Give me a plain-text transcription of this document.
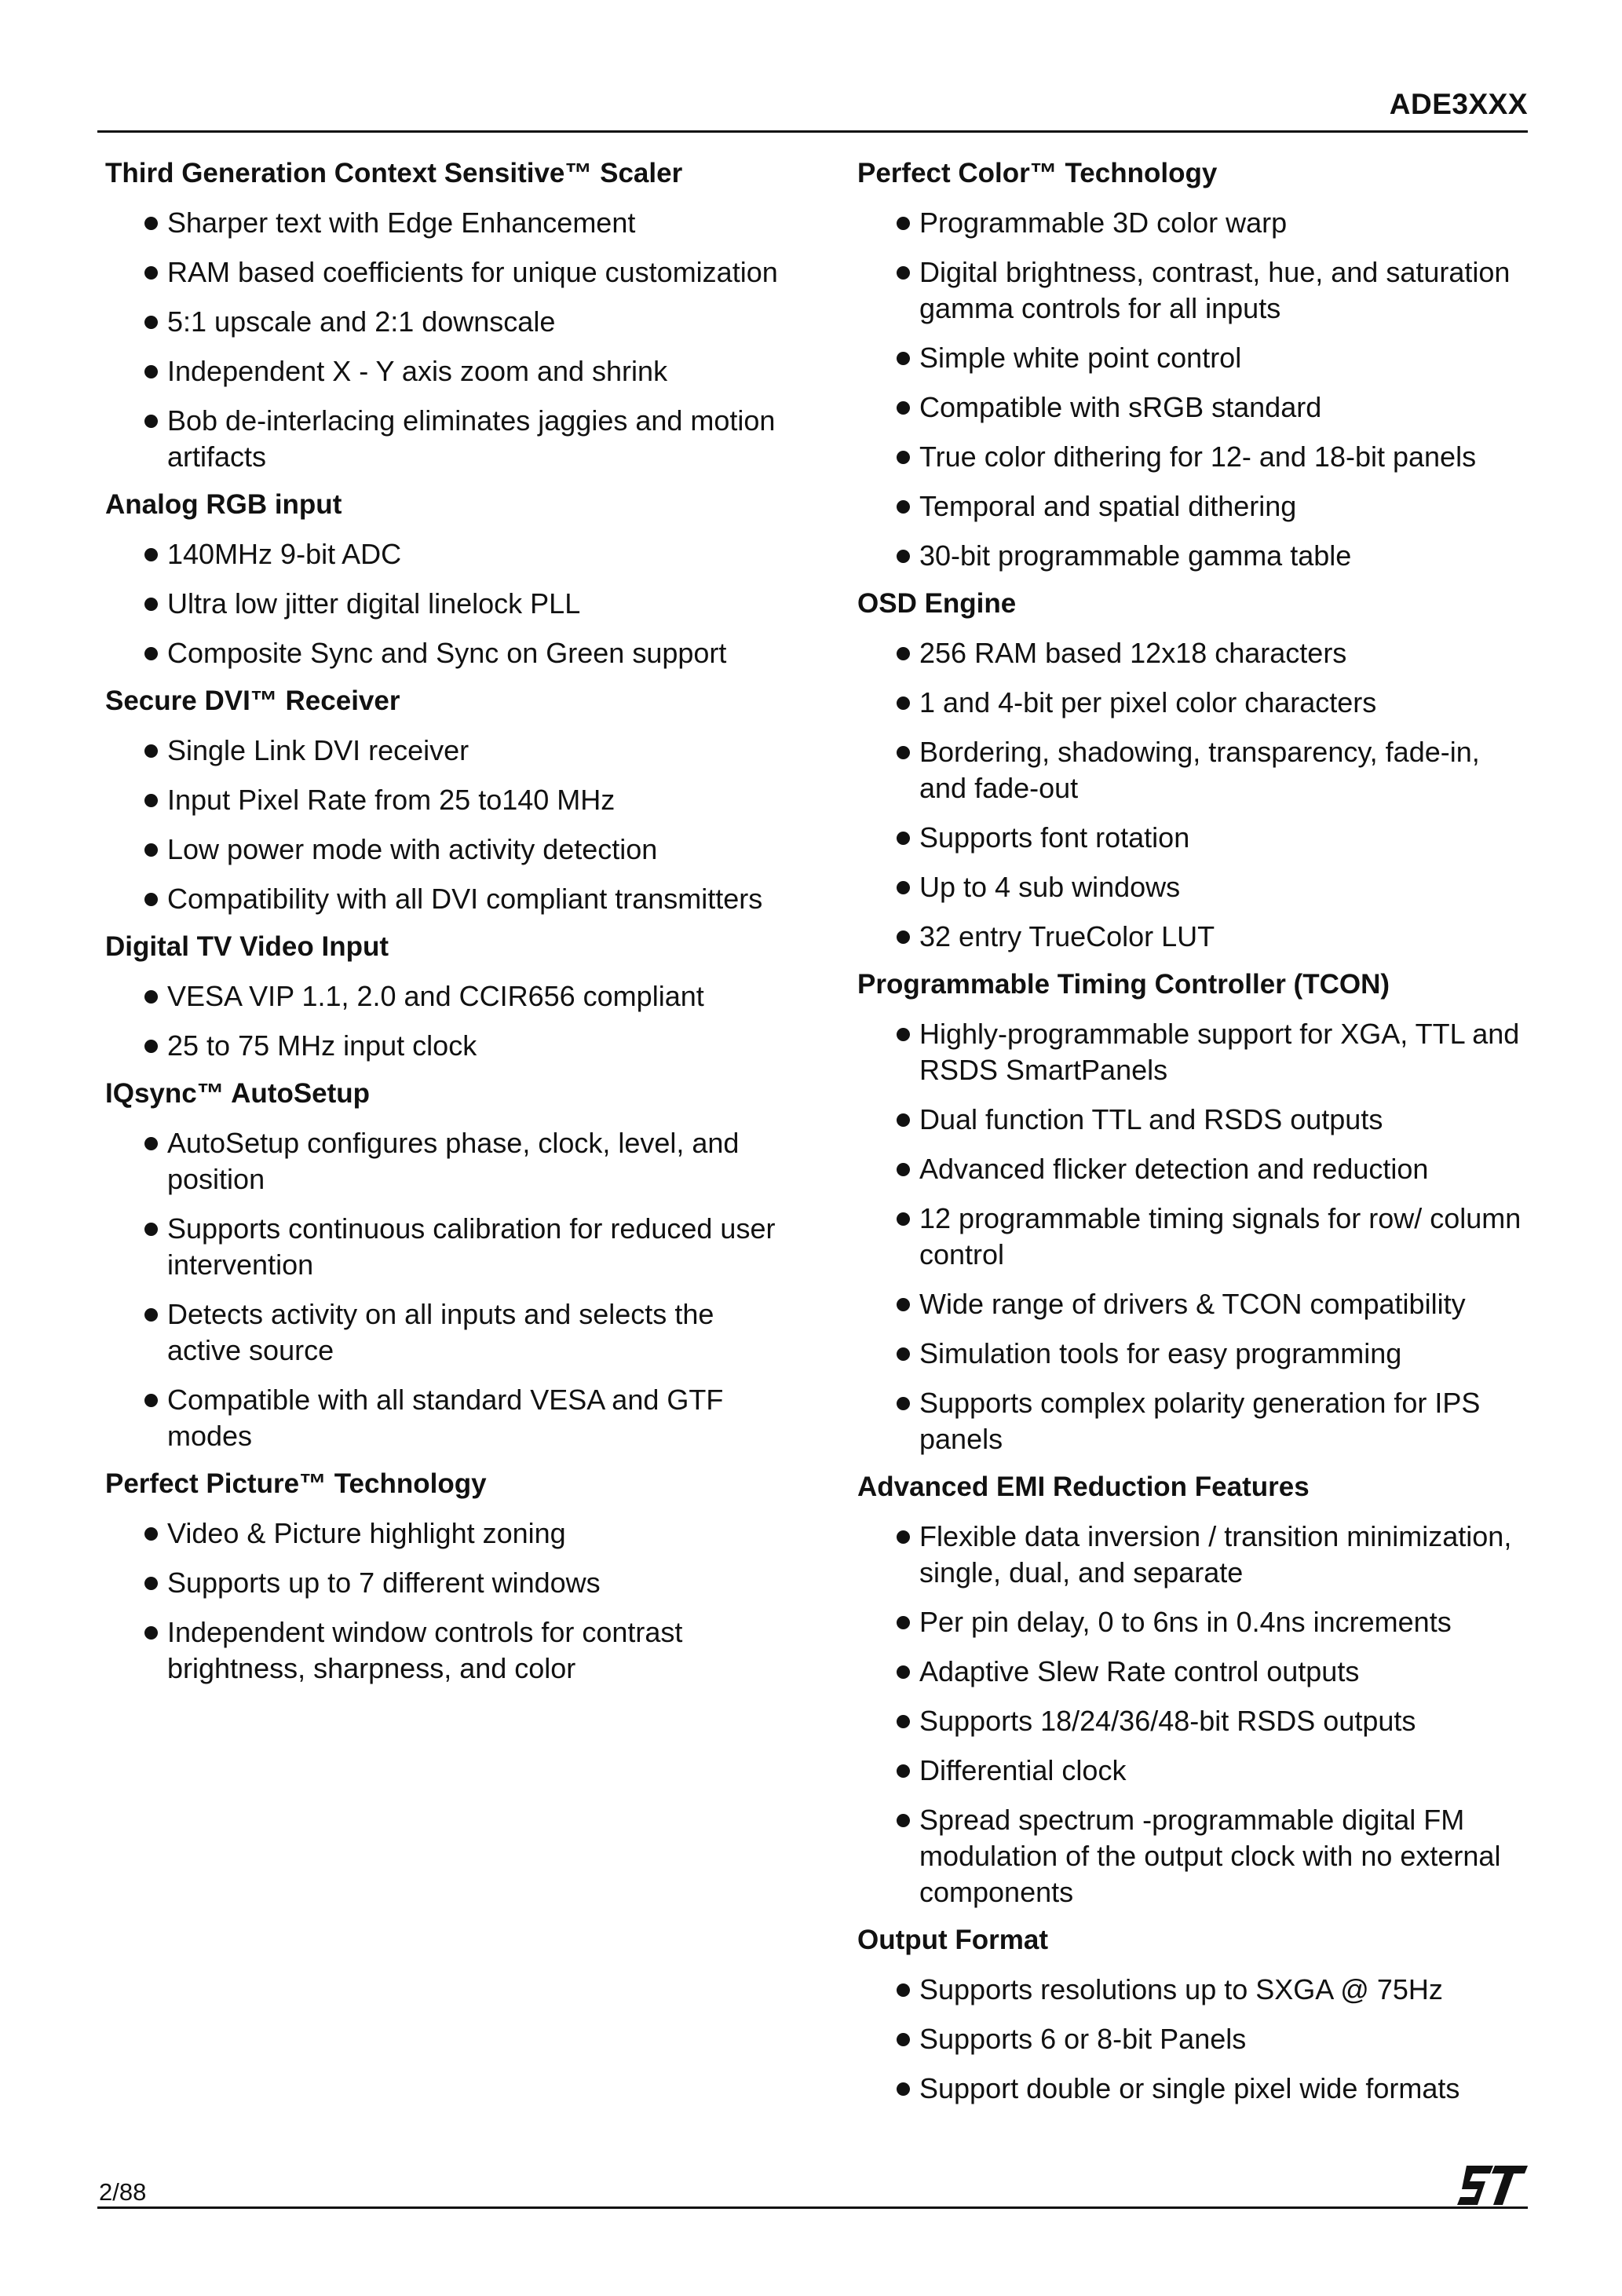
ADE3XXX
Third Generation Context Sensitive™ Scaler
Sharper text with Edge Enhancement
RAM based coefficients for unique customization
5:1 upscale and 2:1 downscale
Independent X - Y axis zoom and shrink
Bob de-interlacing eliminates jaggies and motion artifacts
Analog RGB input
140MHz 9-bit ADC
Ultra low jitter digital linelock PLL
Composite Sync and Sync on Green support
Secure DVI™ Receiver
Single Link DVI receiver
Input Pixel Rate from 25 to140 MHz
Low power mode with activity detection
Compatibility with all DVI compliant transmitters
Digital TV Video Input
VESA VIP 1.1, 2.0 and CCIR656 compliant
25 to 75 MHz input clock
IQsync™ AutoSetup
AutoSetup configures phase, clock, level, and position
Supports continuous calibration for reduced user intervention
Detects activity on all inputs and selects the active source
Compatible with all standard VESA and GTF modes
Perfect Picture™ Technology
Video & Picture highlight zoning
Supports up to 7 different windows
Independent window controls for contrast brightness, sharpness, and color
Perfect Color™ Technology
Programmable 3D color warp
Digital brightness, contrast, hue, and saturation gamma controls for all inputs
Simple white point control
Compatible with sRGB standard
True color dithering for 12- and 18-bit panels
Temporal and spatial dithering
30-bit programmable gamma table
OSD Engine
256 RAM based 12x18 characters
1 and 4-bit per pixel color characters
Bordering, shadowing, transparency, fade-in, and fade-out
Supports font rotation
Up to 4 sub windows
32 entry TrueColor LUT
Programmable Timing Controller (TCON)
Highly-programmable support for XGA, TTL and RSDS SmartPanels
Dual function TTL and RSDS outputs
Advanced flicker detection and reduction
12 programmable timing signals for row/ column control
Wide range of drivers & TCON compatibility
Simulation tools for easy programming
Supports complex polarity generation for IPS panels
Advanced EMI Reduction Features
Flexible data inversion / transition minimization, single, dual, and separate
Per pin delay, 0 to 6ns in 0.4ns increments
Adaptive Slew Rate control outputs
Supports 18/24/36/48-bit RSDS outputs
Differential clock
Spread spectrum -programmable digital FM modulation of the output clock with no external components
Output Format
Supports resolutions up to SXGA @ 75Hz
Supports 6 or 8-bit Panels
Support double or single pixel wide formats
2/88
